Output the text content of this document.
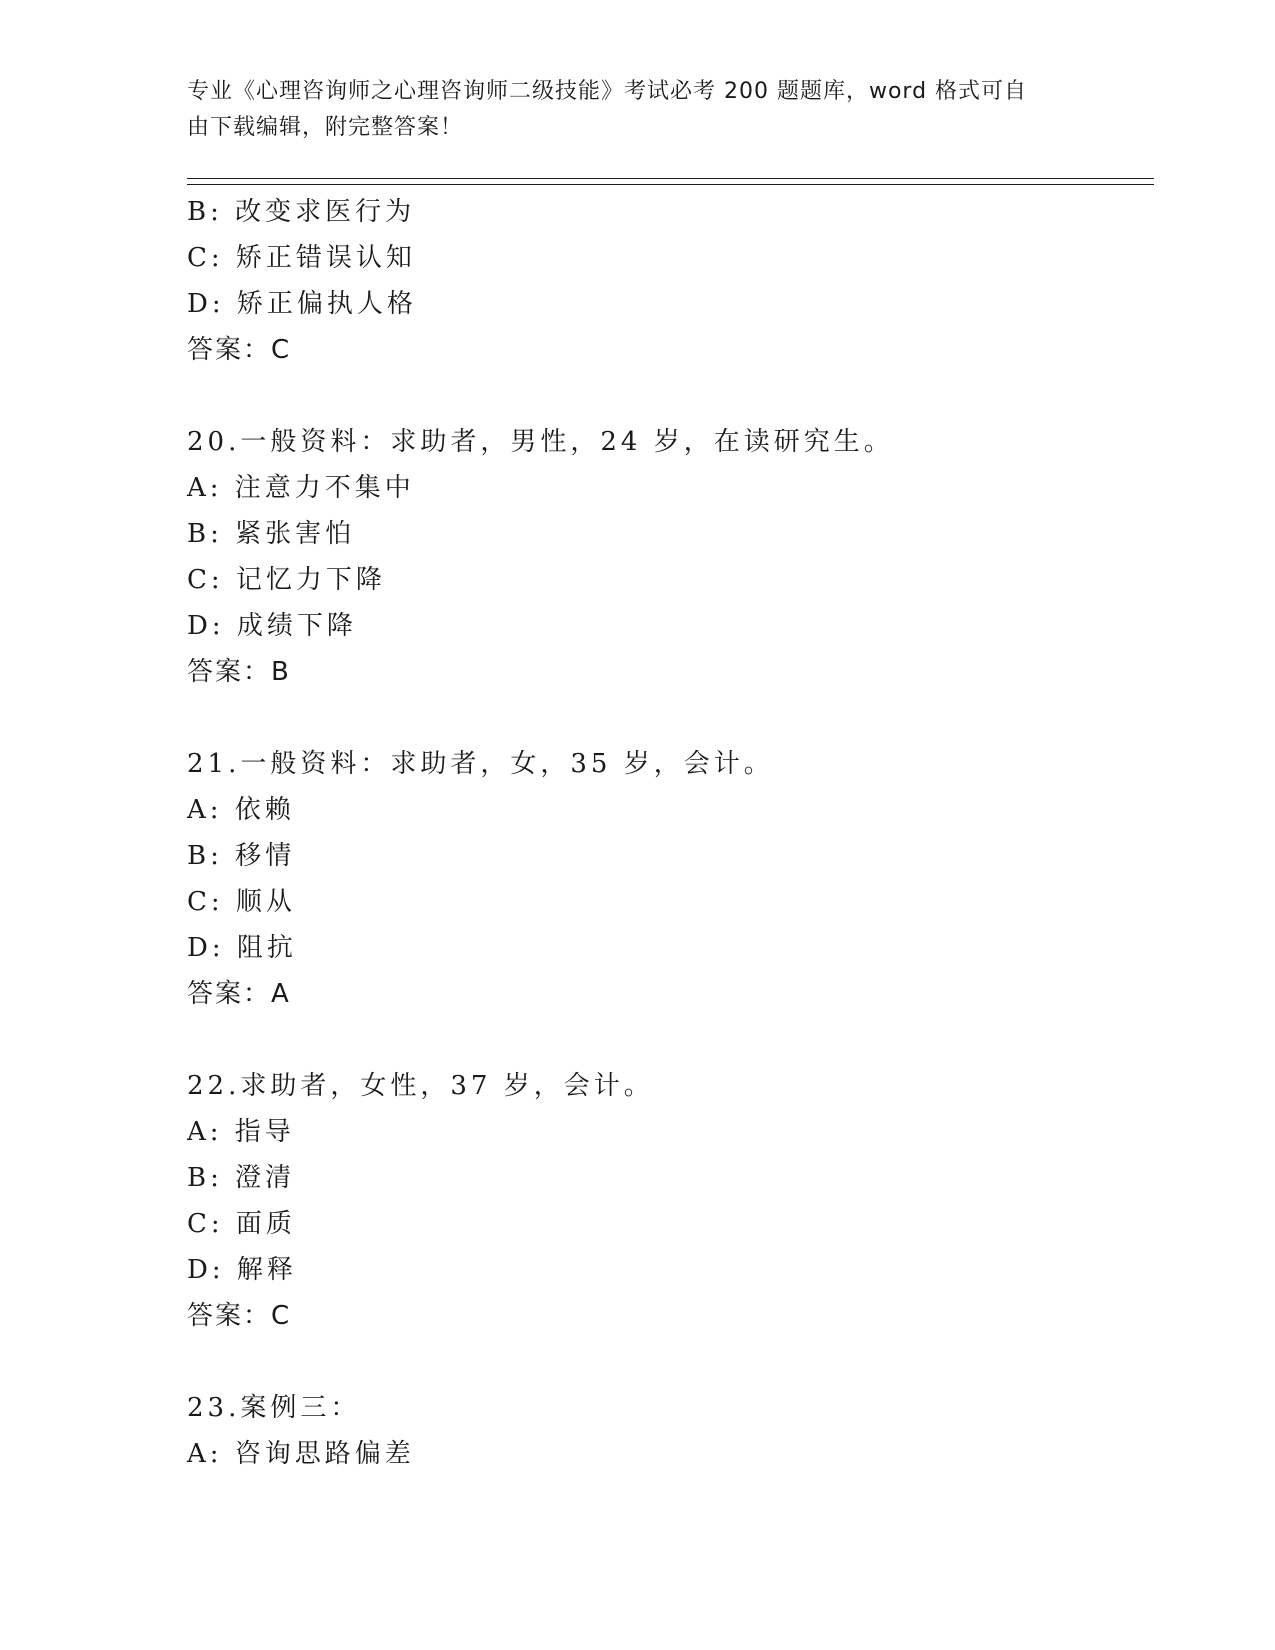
专业《心理咨询师之心理咨询师二级技能》考试必考 200 题题库，word 格式可自
由下载编辑，附完整答案！
B: 改变求医行为
C: 矫正错误认知
D: 矫正偏执人格
答案：C
20.一般资料：求助者，男性，24 岁，在读研究生。
A: 注意力不集中
B: 紧张害怕
C: 记忆力下降
D: 成绩下降
答案：B
21.一般资料：求助者，女，35 岁，会计。
A: 依赖
B: 移情
C: 顺从
D: 阻抗
答案：A
22.求助者，女性，37 岁，会计。
A: 指导
B: 澄清
C: 面质
D: 解释
答案：C
23.案例三：
A: 咨询思路偏差
